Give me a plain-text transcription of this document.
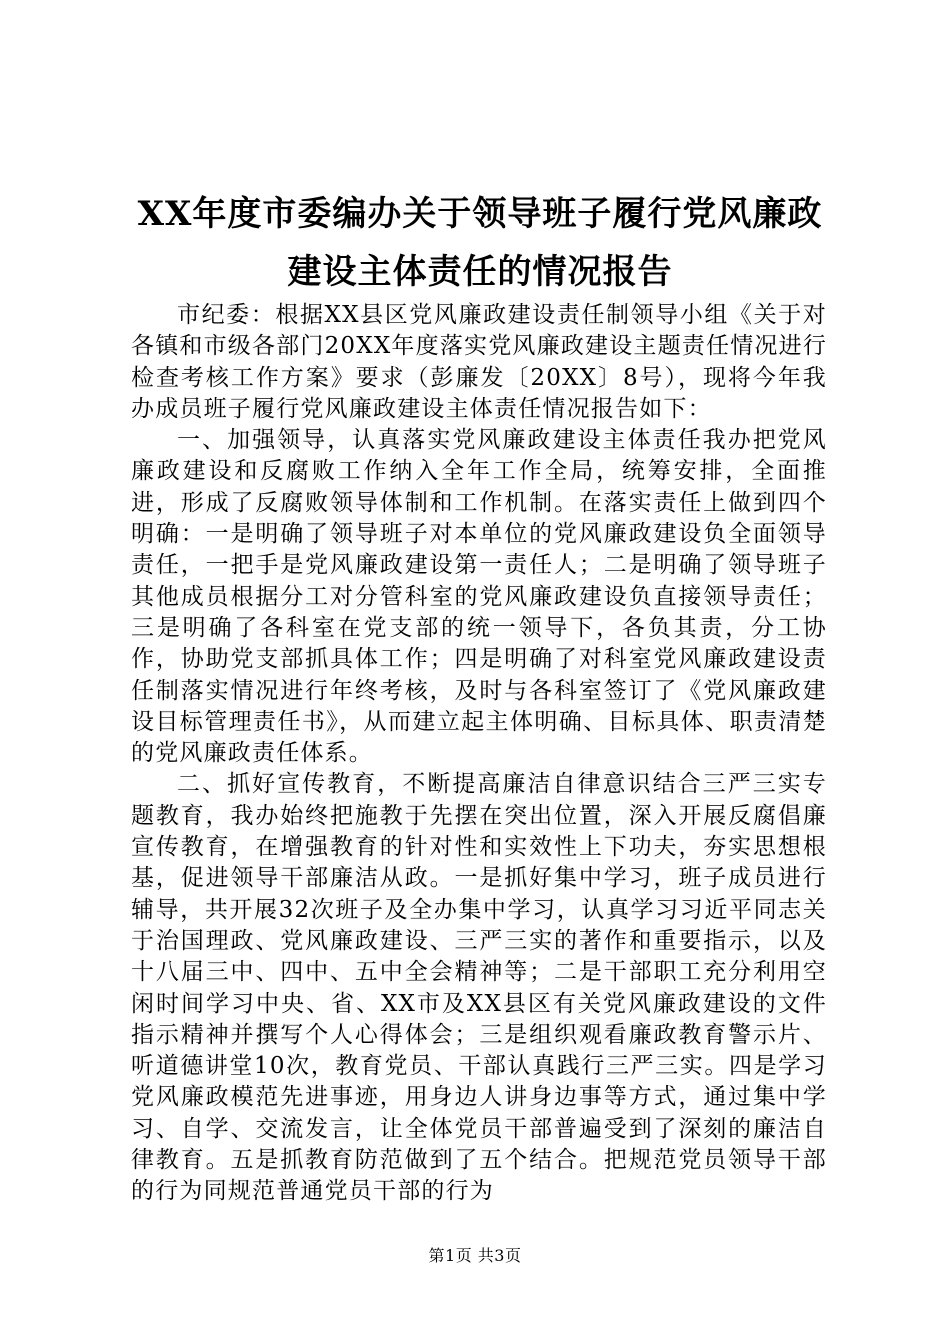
XX年度市委编办关于领导班子履行党风廉政
建设主体责任的情况报告

市纪委：根据XX县区党风廉政建设责任制领导小组《关于对各镇和市级各部门20XX年度落实党风廉政建设主题责任情况进行检查考核工作方案》要求（彭廉发〔20XX〕8号），现将今年我办成员班子履行党风廉政建设主体责任情况报告如下：

一、加强领导，认真落实党风廉政建设主体责任我办把党风廉政建设和反腐败工作纳入全年工作全局，统筹安排，全面推进，形成了反腐败领导体制和工作机制。在落实责任上做到四个明确：一是明确了领导班子对本单位的党风廉政建设负全面领导责任，一把手是党风廉政建设第一责任人；二是明确了领导班子其他成员根据分工对分管科室的党风廉政建设负直接领导责任；三是明确了各科室在党支部的统一领导下，各负其责，分工协作，协助党支部抓具体工作；四是明确了对科室党风廉政建设责任制落实情况进行年终考核，及时与各科室签订了《党风廉政建设目标管理责任书》，从而建立起主体明确、目标具体、职责清楚的党风廉政责任体系。

二、抓好宣传教育，不断提高廉洁自律意识结合三严三实专题教育，我办始终把施教于先摆在突出位置，深入开展反腐倡廉宣传教育，在增强教育的针对性和实效性上下功夫，夯实思想根基，促进领导干部廉洁从政。一是抓好集中学习，班子成员进行辅导，共开展32次班子及全办集中学习，认真学习习近平同志关于治国理政、党风廉政建设、三严三实的著作和重要指示，以及十八届三中、四中、五中全会精神等；二是干部职工充分利用空闲时间学习中央、省、XX市及XX县区有关党风廉政建设的文件指示精神并撰写个人心得体会；三是组织观看廉政教育警示片、听道德讲堂10次，教育党员、干部认真践行三严三实。四是学习党风廉政模范先进事迹，用身边人讲身边事等方式，通过集中学习、自学、交流发言，让全体党员干部普遍受到了深刻的廉洁自律教育。五是抓教育防范做到了五个结合。把规范党员领导干部的行为同规范普通党员干部的行为

第1页 共3页
